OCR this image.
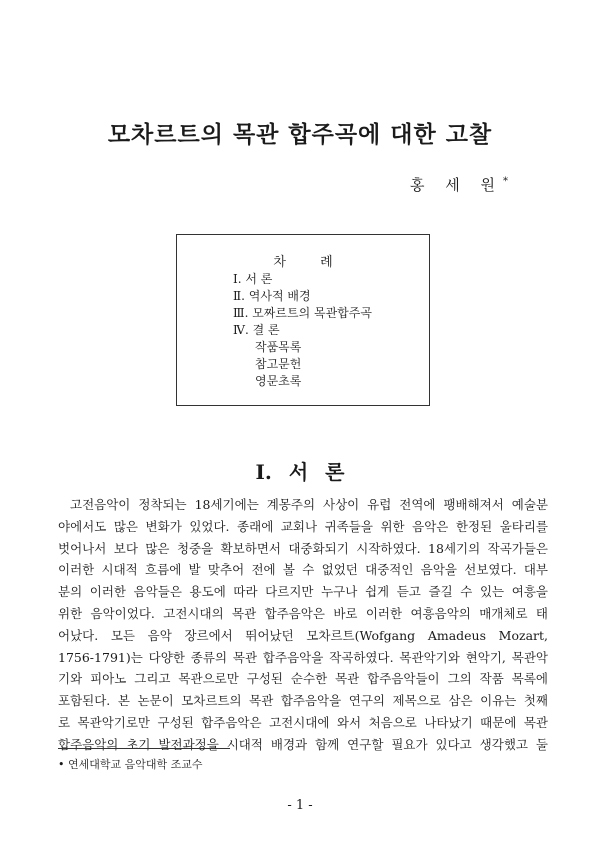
모차르트의 목관 합주곡에 대한 고찰
홍 세 원*
차 례
Ⅰ. 서 론
Ⅱ. 역사적 배경
Ⅲ. 모짜르트의 목관합주곡
Ⅳ. 결 론
작품목록
참고문헌
영문초록
Ⅰ. 서 론
고전음악이 정착되는 18세기에는 계몽주의 사상이 유럽 전역에 팽배해져서 예술분
야에서도 많은 변화가 있었다. 종래에 교회나 귀족들을 위한 음악은 한정된 울타리를
벗어나서 보다 많은 청중을 확보하면서 대중화되기 시작하였다. 18세기의 작곡가들은
이러한 시대적 흐름에 발 맞추어 전에 볼 수 없었던 대중적인 음악을 선보였다. 대부
분의 이러한 음악들은 용도에 따라 다르지만 누구나 쉽게 듣고 즐길 수 있는 여흥을
위한 음악이었다. 고전시대의 목관 합주음악은 바로 이러한 여흥음악의 매개체로 태
어났다. 모든 음악 장르에서 뛰어났던 모차르트(Wofgang Amadeus Mozart,
1756-1791)는 다양한 종류의 목관 합주음악을 작곡하였다. 목관악기와 현악기, 목관악
기와 피아노 그리고 목관으로만 구성된 순수한 목관 합주음악들이 그의 작품 목록에
포함된다. 본 논문이 모차르트의 목관 합주음악을 연구의 제목으로 삼은 이유는 첫째
로 목관악기로만 구성된 합주음악은 고전시대에 와서 처음으로 나타났기 때문에 목관
합주음악의 초기 발전과정을 시대적 배경과 함께 연구할 필요가 있다고 생각했고 둘
• 연세대학교 음악대학 조교수
- 1 -
